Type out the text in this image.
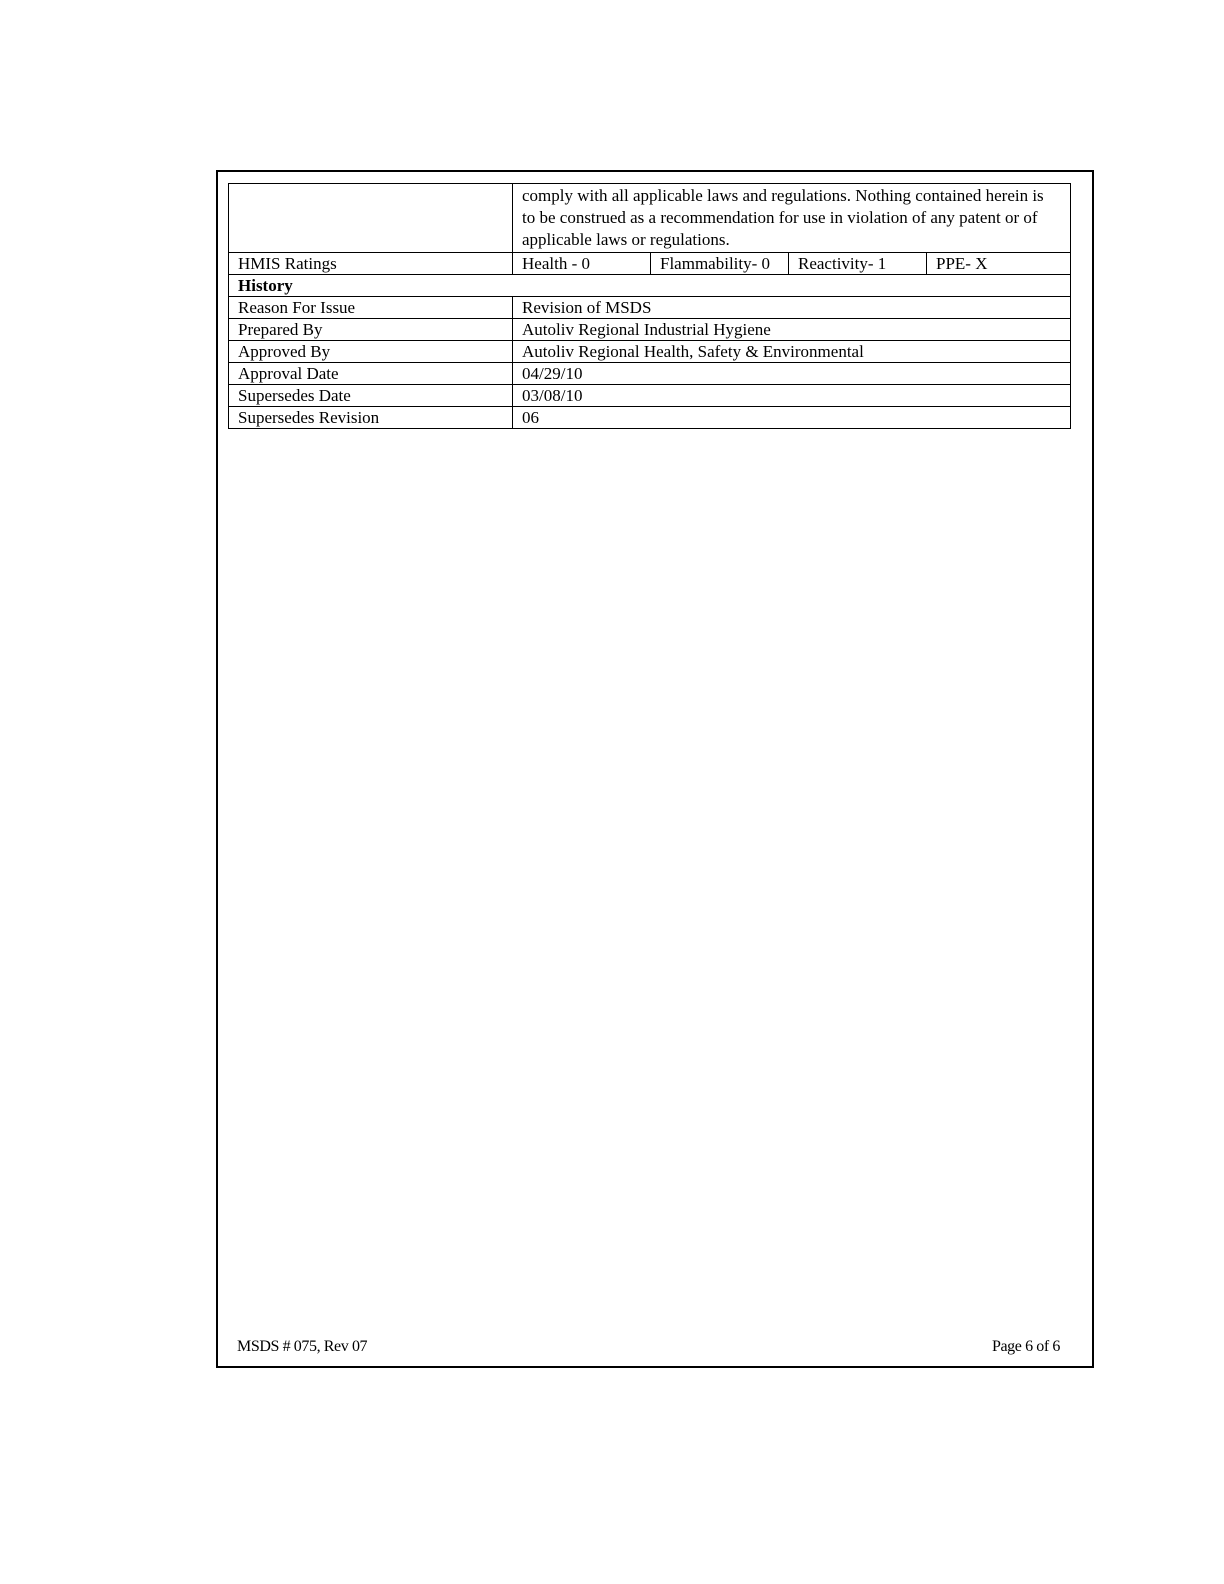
	comply with all applicable laws and regulations. Nothing contained herein is to be construed as a recommendation for use in violation of any patent or of applicable laws or regulations.			
HMIS Ratings	Health - 0	Flammability- 0	Reactivity- 1	PPE- X
History				
Reason For Issue	Revision of MSDS			
Prepared By	Autoliv Regional Industrial Hygiene			
Approved By	Autoliv Regional Health, Safety & Environmental			
Approval Date	04/29/10			
Supersedes Date	03/08/10			
Supersedes Revision	06			
MSDS # 075, Rev 07	Page 6 of 6
